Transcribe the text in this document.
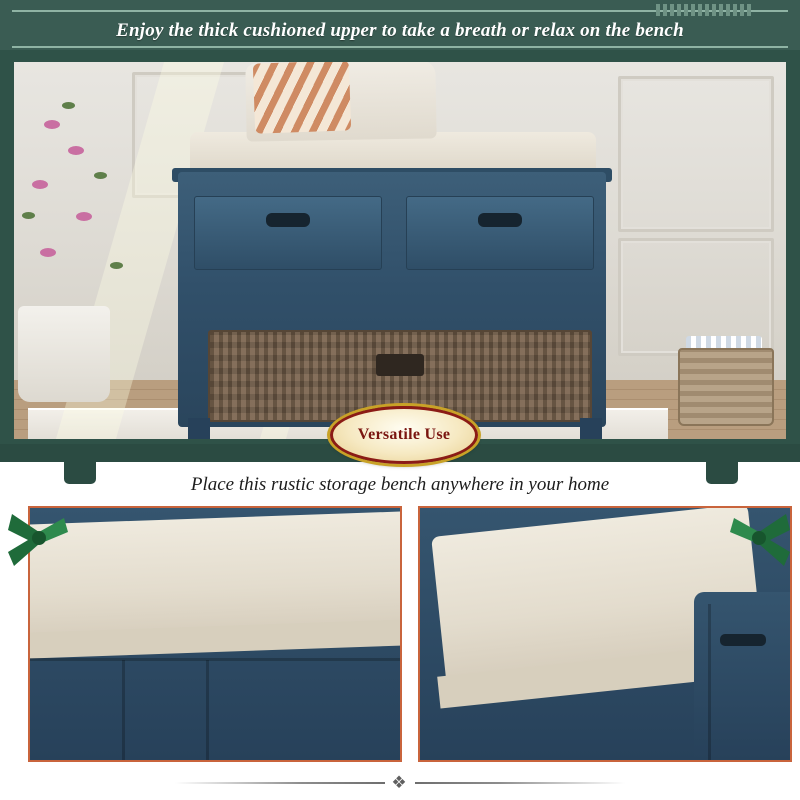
Enjoy the thick cushioned upper to take a breath or relax on the bench
Versatile Use
Place this rustic storage bench anywhere in your home
❖
